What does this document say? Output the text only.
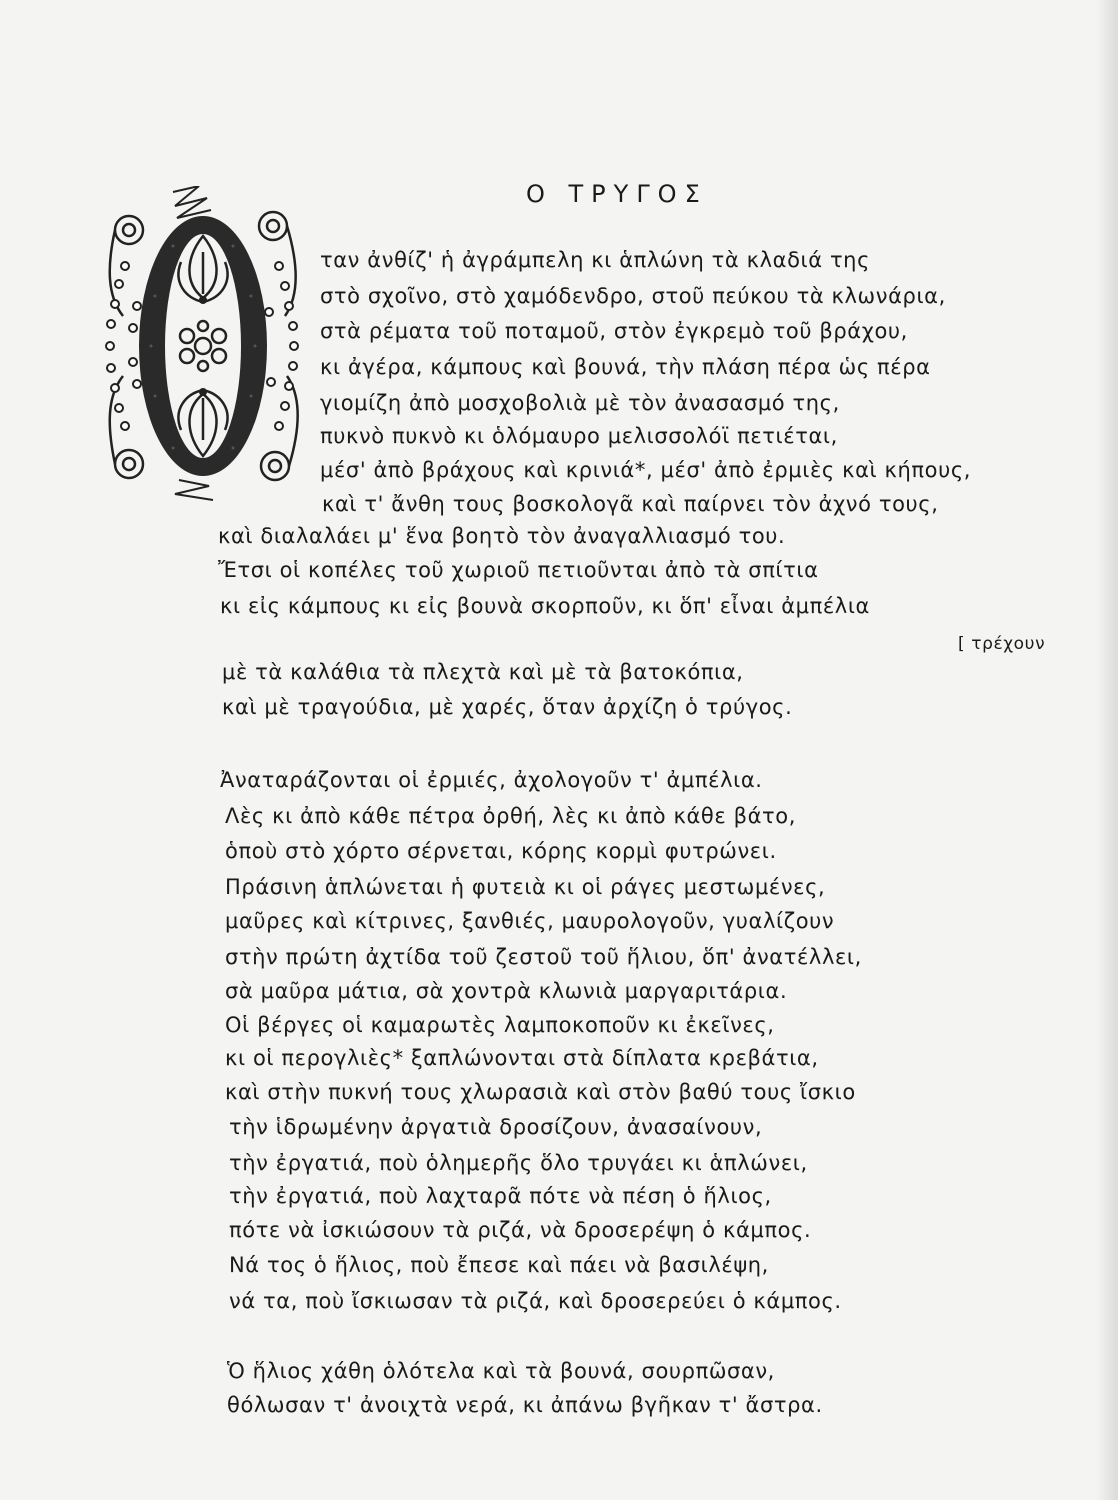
Ο ΤΡΥΓΟΣ
ταν ἀνθίζ' ἡ ἀγράμπελη κι ἁπλώνη τὰ κλαδιά της
στὸ σχοῖνο, στὸ χαμόδενδρο, στοῦ πεύκου τὰ κλωνάρια,
στὰ ρέματα τοῦ ποταμοῦ, στὸν ἐγκρεμὸ τοῦ βράχου,
κι ἀγέρα, κάμπους καὶ βουνά, τὴν πλάση πέρα ὡς πέρα
γιομίζη ἀπὸ μοσχοβολιὰ μὲ τὸν ἀνασασμό της,
πυκνὸ πυκνὸ κι ὁλόμαυρο μελισσολόϊ πετιέται,
μέσ' ἀπὸ βράχους καὶ κρινιά*, μέσ' ἀπὸ ἐρμιὲς καὶ κήπους,
καὶ τ' ἄνθη τους βοσκολογᾶ καὶ παίρνει τὸν ἀχνό τους,
καὶ διαλαλάει μ' ἕνα βοητὸ τὸν ἀναγαλλιασμό του.
Ἔτσι οἱ κοπέλες τοῦ χωριοῦ πετιοῦνται ἀπὸ τὰ σπίτια
κι εἰς κάμπους κι εἰς βουνὰ σκορποῦν, κι ὅπ' εἶναι ἀμπέλια
[ τρέχουν
μὲ τὰ καλάθια τὰ πλεχτὰ καὶ μὲ τὰ βατοκόπια,
καὶ μὲ τραγούδια, μὲ χαρές, ὅταν ἀρχίζη ὁ τρύγος.
Ἀναταράζονται οἱ ἐρμιές, ἀχολογοῦν τ' ἀμπέλια.
Λὲς κι ἀπὸ κάθε πέτρα ὀρθή, λὲς κι ἀπὸ κάθε βάτο,
ὁποὺ στὸ χόρτο σέρνεται, κόρης κορμὶ φυτρώνει.
Πράσινη ἁπλώνεται ἡ φυτειὰ κι οἱ ράγες μεστωμένες,
μαῦρες καὶ κίτρινες, ξανθιές, μαυρολογοῦν, γυαλίζουν
στὴν πρώτη ἀχτίδα τοῦ ζεστοῦ τοῦ ἥλιου, ὅπ' ἀνατέλλει,
σὰ μαῦρα μάτια, σὰ χοντρὰ κλωνιὰ μαργαριτάρια.
Οἱ βέργες οἱ καμαρωτὲς λαμποκοποῦν κι ἐκεῖνες,
κι οἱ περογλιὲς* ξαπλώνονται στὰ δίπλατα κρεβάτια,
καὶ στὴν πυκνή τους χλωρασιὰ καὶ στὸν βαθύ τους ἴσκιο
τὴν ἱδρωμένην ἀργατιὰ δροσίζουν, ἀνασαίνουν,
τὴν ἐργατιά, ποὺ ὁλημερῆς ὅλο τρυγάει κι ἁπλώνει,
τὴν ἐργατιά, ποὺ λαχταρᾶ πότε νὰ πέση ὁ ἥλιος,
πότε νὰ ἰσκιώσουν τὰ ριζά, νὰ δροσερέψη ὁ κάμπος.
Νά τος ὁ ἥλιος, ποὺ ἔπεσε καὶ πάει νὰ βασιλέψη,
νά τα, ποὺ ἴσκιωσαν τὰ ριζά, καὶ δροσερεύει ὁ κάμπος.
Ὁ ἥλιος χάθη ὁλότελα καὶ τὰ βουνά, σουρπῶσαν,
θόλωσαν τ' ἀνοιχτὰ νερά, κι ἀπάνω βγῆκαν τ' ἄστρα.
